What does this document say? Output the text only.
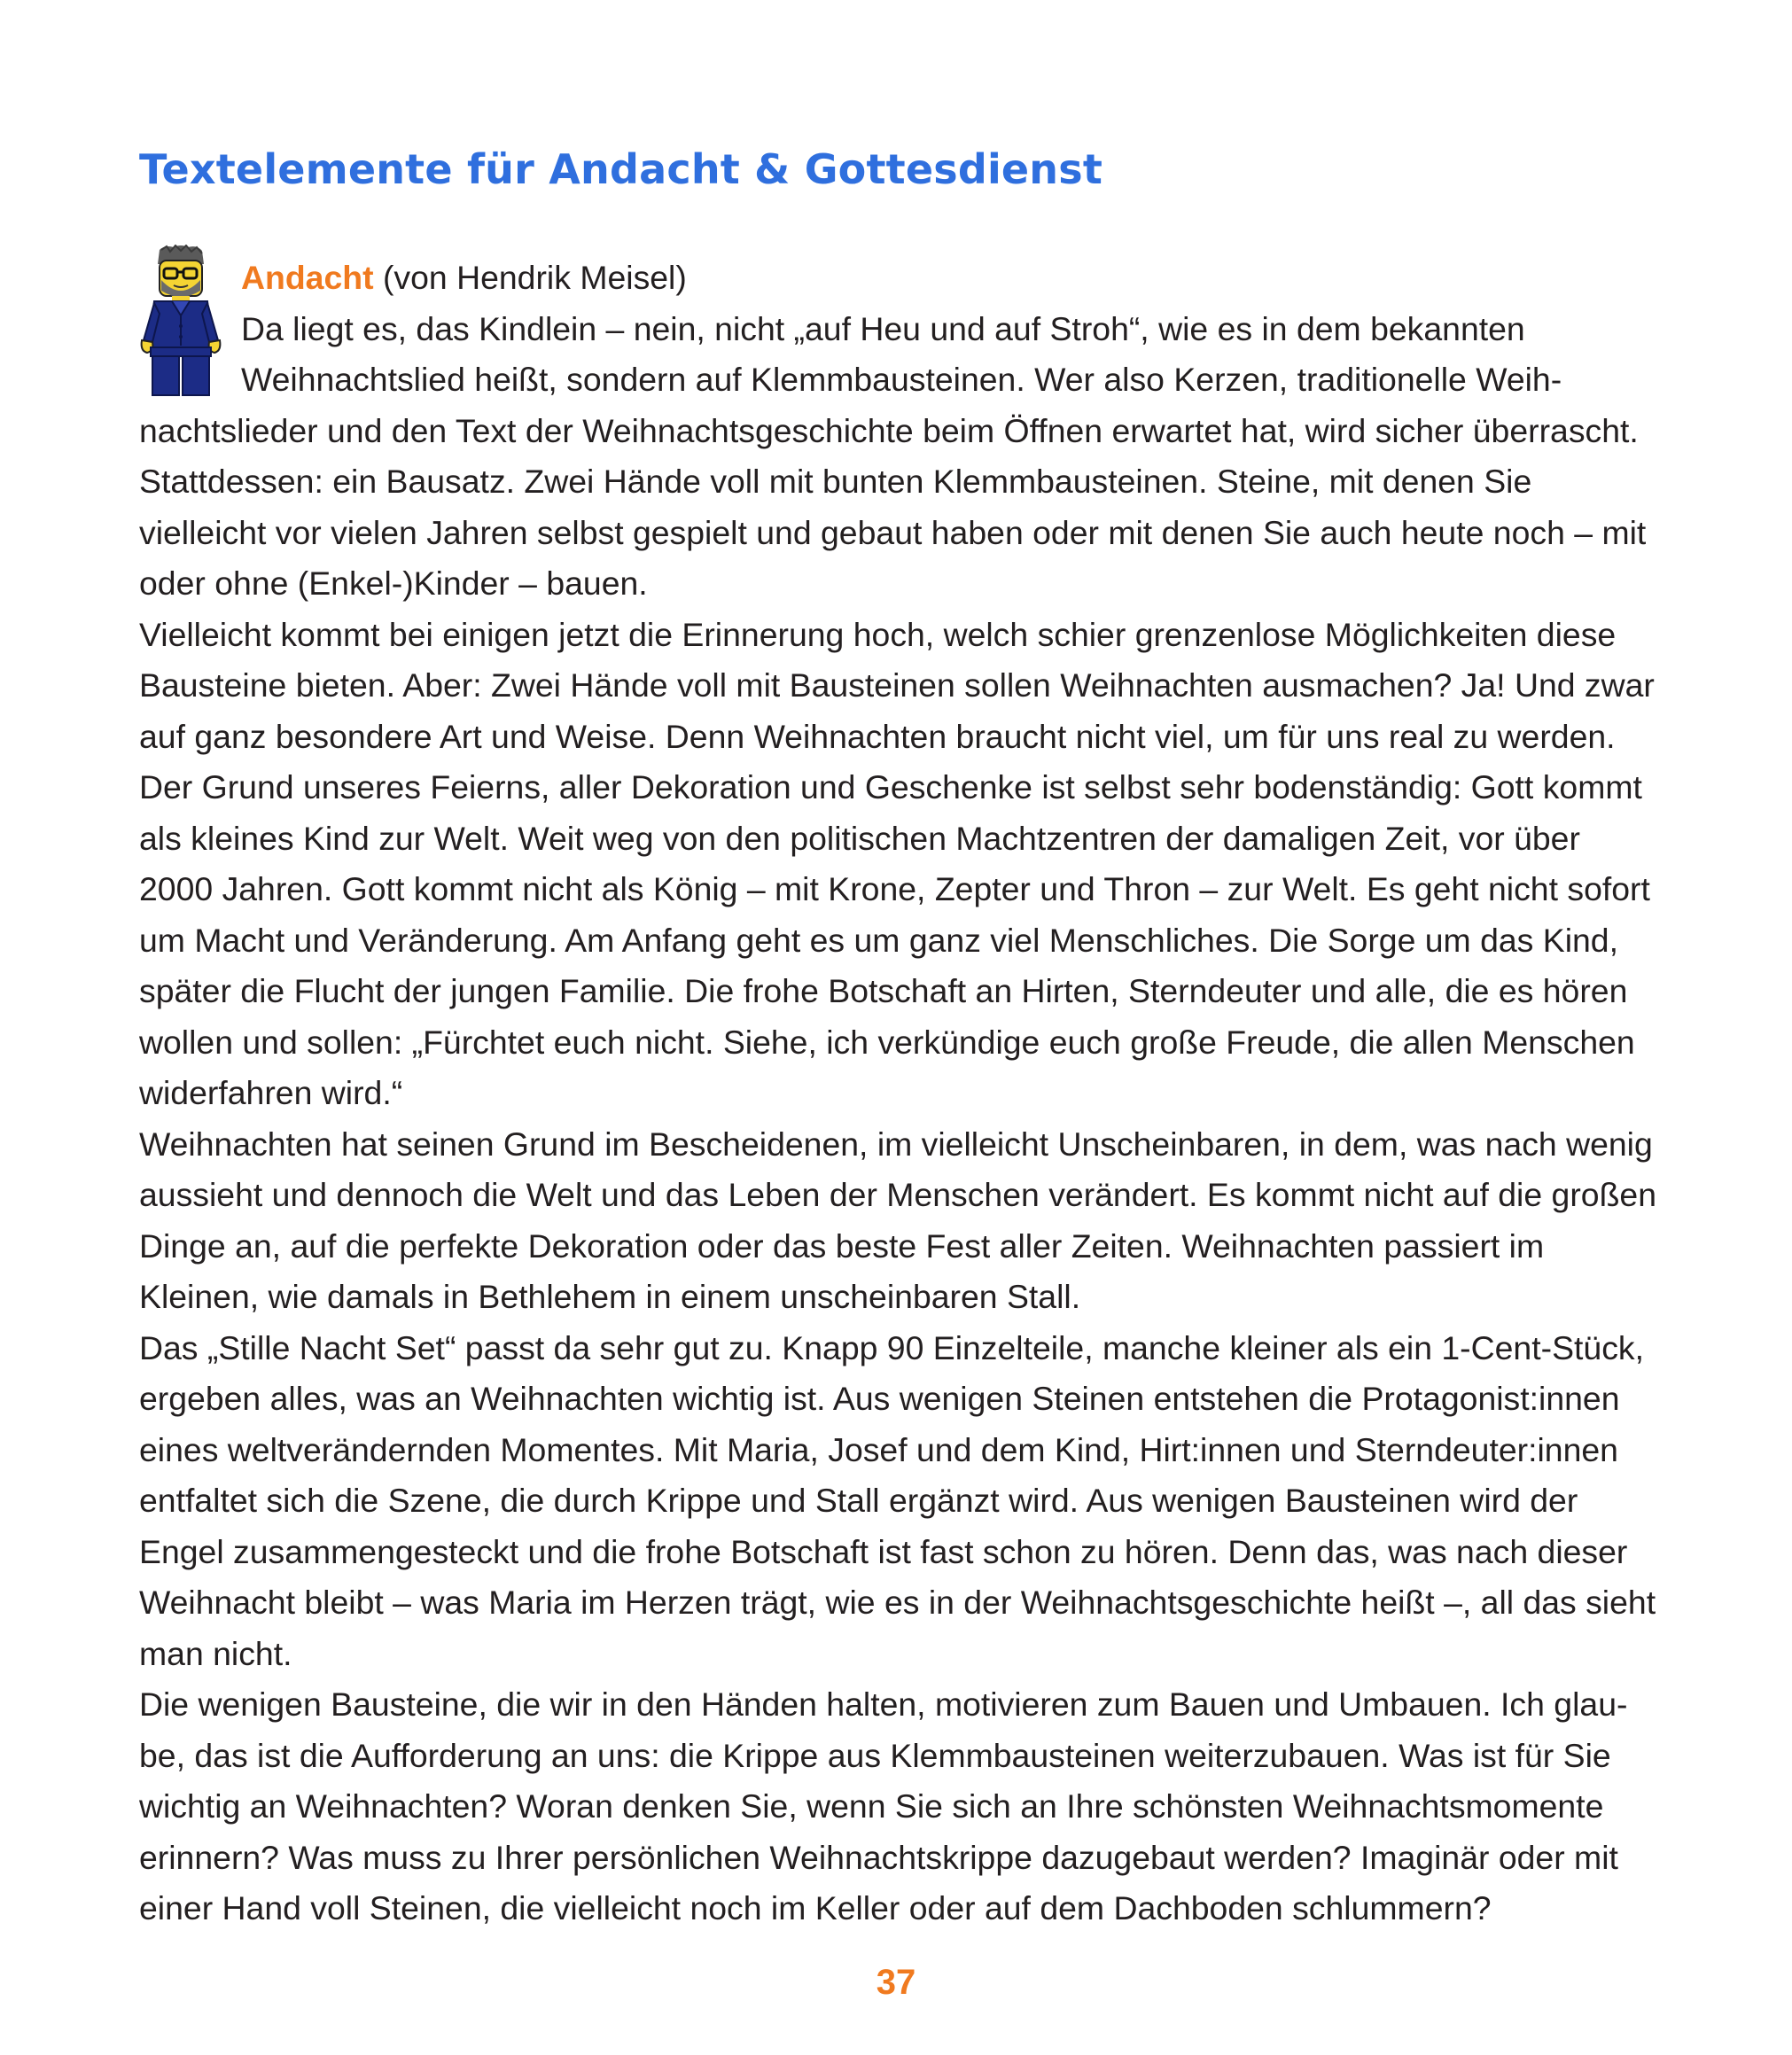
Textelemente für Andacht & Gottesdienst

Andacht (von Hendrik Meisel)

Da liegt es, das Kindlein – nein, nicht „auf Heu und auf Stroh“, wie es in dem bekannten Weihnachtslied heißt, sondern auf Klemmbausteinen. Wer also Kerzen, traditionelle Weihnachtslieder und den Text der Weihnachtsgeschichte beim Öffnen erwartet hat, wird sicher überrascht. Stattdessen: ein Bausatz. Zwei Hände voll mit bunten Klemmbausteinen. Steine, mit denen Sie vielleicht vor vielen Jahren selbst gespielt und gebaut haben oder mit denen Sie auch heute noch – mit oder ohne (Enkel-)Kinder – bauen.

Vielleicht kommt bei einigen jetzt die Erinnerung hoch, welch schier grenzenlose Möglichkeiten diese Bausteine bieten. Aber: Zwei Hände voll mit Bausteinen sollen Weihnachten ausmachen? Ja! Und zwar auf ganz besondere Art und Weise. Denn Weihnachten braucht nicht viel, um für uns real zu werden. Der Grund unseres Feierns, aller Dekoration und Geschenke ist selbst sehr bodenständig: Gott kommt als kleines Kind zur Welt. Weit weg von den politischen Machtzentren der damaligen Zeit, vor über 2000 Jahren. Gott kommt nicht als König – mit Krone, Zepter und Thron – zur Welt. Es geht nicht sofort um Macht und Veränderung. Am Anfang geht es um ganz viel Menschliches. Die Sorge um das Kind, später die Flucht der jungen Familie. Die frohe Botschaft an Hirten, Sterndeuter und alle, die es hören wollen und sollen: „Fürchtet euch nicht. Siehe, ich verkündige euch große Freude, die allen Menschen widerfahren wird.“

Weihnachten hat seinen Grund im Bescheidenen, im vielleicht Unscheinbaren, in dem, was nach wenig aussieht und dennoch die Welt und das Leben der Menschen verändert. Es kommt nicht auf die großen Dinge an, auf die perfekte Dekoration oder das beste Fest aller Zeiten. Weihnachten passiert im Kleinen, wie damals in Bethlehem in einem unscheinbaren Stall.

Das „Stille Nacht Set“ passt da sehr gut zu. Knapp 90 Einzelteile, manche kleiner als ein 1-Cent-Stück, ergeben alles, was an Weihnachten wichtig ist. Aus wenigen Steinen entstehen die Protagonist:innen eines weltverändernden Momentes. Mit Maria, Josef und dem Kind, Hirt:innen und Sterndeuter:innen entfaltet sich die Szene, die durch Krippe und Stall ergänzt wird. Aus wenigen Bausteinen wird der Engel zusammengesteckt und die frohe Botschaft ist fast schon zu hören. Denn das, was nach dieser Weihnacht bleibt – was Maria im Herzen trägt, wie es in der Weihnachtsgeschichte heißt –, all das sieht man nicht.

Die wenigen Bausteine, die wir in den Händen halten, motivieren zum Bauen und Umbauen. Ich glaube, das ist die Aufforderung an uns: die Krippe aus Klemmbausteinen weiterzubauen. Was ist für Sie wichtig an Weihnachten? Woran denken Sie, wenn Sie sich an Ihre schönsten Weihnachtsmomente erinnern? Was muss zu Ihrer persönlichen Weihnachtskrippe dazugebaut werden? Imaginär oder mit einer Hand voll Steinen, die vielleicht noch im Keller oder auf dem Dachboden schlummern?

37
